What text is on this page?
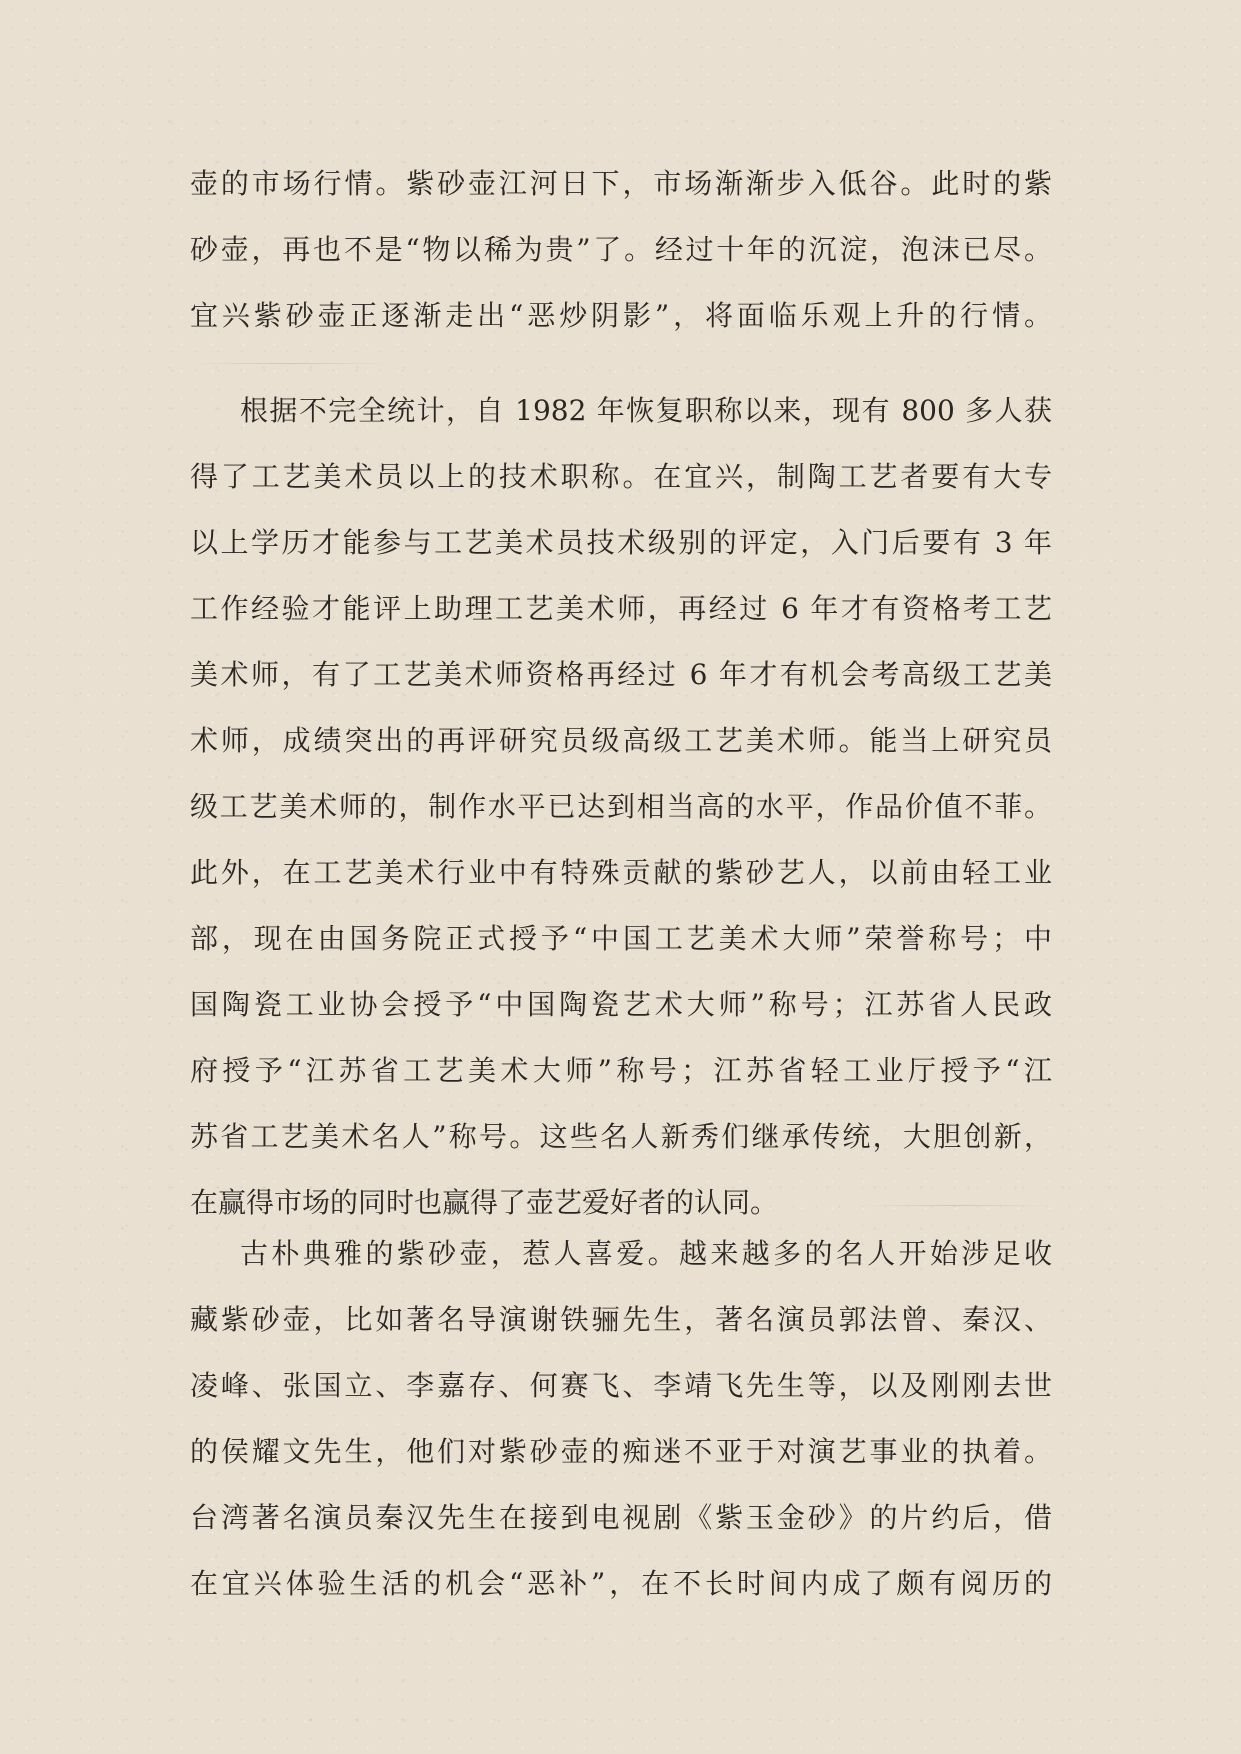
壶的市场行情。紫砂壶江河日下，市场渐渐步入低谷。此时的紫
砂壶，再也不是“物以稀为贵”了。经过十年的沉淀，泡沫已尽。
宜兴紫砂壶正逐渐走出“恶炒阴影”，将面临乐观上升的行情。
根据不完全统计，自 1982 年恢复职称以来，现有 800 多人获
得了工艺美术员以上的技术职称。在宜兴，制陶工艺者要有大专
以上学历才能参与工艺美术员技术级别的评定，入门后要有 3 年
工作经验才能评上助理工艺美术师，再经过 6 年才有资格考工艺
美术师，有了工艺美术师资格再经过 6 年才有机会考高级工艺美
术师，成绩突出的再评研究员级高级工艺美术师。能当上研究员
级工艺美术师的，制作水平已达到相当高的水平，作品价值不菲。
此外，在工艺美术行业中有特殊贡献的紫砂艺人，以前由轻工业
部，现在由国务院正式授予“中国工艺美术大师”荣誉称号；中
国陶瓷工业协会授予“中国陶瓷艺术大师”称号；江苏省人民政
府授予“江苏省工艺美术大师”称号；江苏省轻工业厅授予“江
苏省工艺美术名人”称号。这些名人新秀们继承传统，大胆创新，
在赢得市场的同时也赢得了壶艺爱好者的认同。
古朴典雅的紫砂壶，惹人喜爱。越来越多的名人开始涉足收
藏紫砂壶，比如著名导演谢铁骊先生，著名演员郭法曾、秦汉、
凌峰、张国立、李嘉存、何赛飞、李靖飞先生等，以及刚刚去世
的侯耀文先生，他们对紫砂壶的痴迷不亚于对演艺事业的执着。
台湾著名演员秦汉先生在接到电视剧《紫玉金砂》的片约后，借
在宜兴体验生活的机会“恶补”，在不长时间内成了颇有阅历的
